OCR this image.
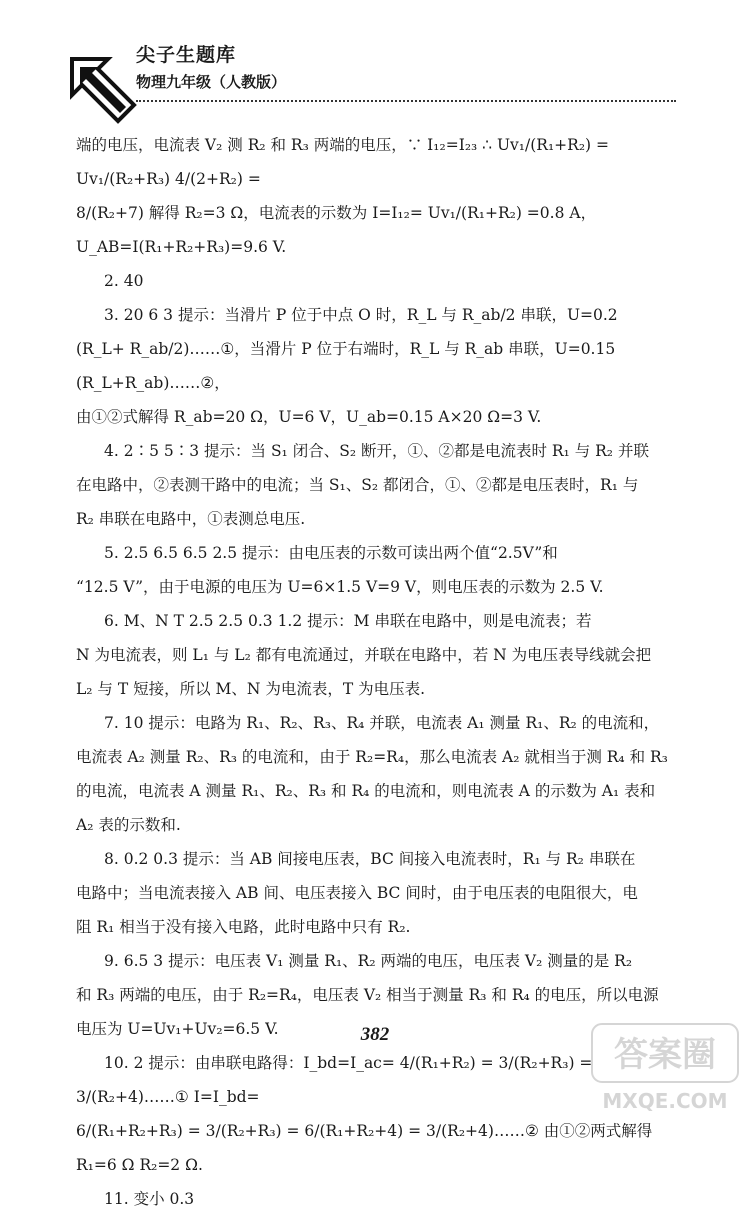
尖子生题库
物理九年级（人教版）

端的电压，电流表 V₂ 测 R₂ 和 R₃ 两端的电压，∵ I₁₂=I₂₃ ∴ Uv₁/(R₁+R₂) = Uv₁/(R₂+R₃) 4/(2+R₂) =

8/(R₂+7) 解得 R₂=3 Ω，电流表的示数为 I=I₁₂= Uv₁/(R₁+R₂) =0.8 A，U_AB=I(R₁+R₂+R₃)=9.6 V.

2. 40

3. 20 6 3 提示：当滑片 P 位于中点 O 时，R_L 与 R_ab/2 串联，U=0.2

(R_L+ R_ab/2)……①，当滑片 P 位于右端时，R_L 与 R_ab 串联，U=0.15 (R_L+R_ab)……②，

由①②式解得 R_ab=20 Ω，U=6 V，U_ab=0.15 A×20 Ω=3 V.

4. 2∶5 5∶3 提示：当 S₁ 闭合、S₂ 断开，①、②都是电流表时 R₁ 与 R₂ 并联

在电路中，②表测干路中的电流；当 S₁、S₂ 都闭合，①、②都是电压表时，R₁ 与

R₂ 串联在电路中，①表测总电压.

5. 2.5 6.5 6.5 2.5 提示：由电压表的示数可读出两个值“2.5V”和

“12.5 V”，由于电源的电压为 U=6×1.5 V=9 V，则电压表的示数为 2.5 V.

6. M、N T 2.5 2.5 0.3 1.2 提示：M 串联在电路中，则是电流表；若

N 为电流表，则 L₁ 与 L₂ 都有电流通过，并联在电路中，若 N 为电压表导线就会把

L₂ 与 T 短接，所以 M、N 为电流表，T 为电压表.

7. 10 提示：电路为 R₁、R₂、R₃、R₄ 并联，电流表 A₁ 测量 R₁、R₂ 的电流和，

电流表 A₂ 测量 R₂、R₃ 的电流和，由于 R₂=R₄，那么电流表 A₂ 就相当于测 R₄ 和 R₃

的电流，电流表 A 测量 R₁、R₂、R₃ 和 R₄ 的电流和，则电流表 A 的示数为 A₁ 表和

A₂ 表的示数和.

8. 0.2 0.3 提示：当 AB 间接电压表，BC 间接入电流表时，R₁ 与 R₂ 串联在

电路中；当电流表接入 AB 间、电压表接入 BC 间时，由于电压表的电阻很大，电

阻 R₁ 相当于没有接入电路，此时电路中只有 R₂.

9. 6.5 3 提示：电压表 V₁ 测量 R₁、R₂ 两端的电压，电压表 V₂ 测量的是 R₂

和 R₃ 两端的电压，由于 R₂=R₄，电压表 V₂ 相当于测量 R₃ 和 R₄ 的电压，所以电源

电压为 U=Uv₁+Uv₂=6.5 V.

10. 2 提示：由串联电路得：I_bd=I_ac= 4/(R₁+R₂) = 3/(R₂+R₃) = 3/(R₂+4)……① I=I_bd=

6/(R₁+R₂+R₃) = 3/(R₂+R₃) = 6/(R₁+R₂+4) = 3/(R₂+4)……② 由①②两式解得 R₁=6 Ω R₂=2 Ω.

11. 变小 0.3

382
答案圈
MXQE.COM
